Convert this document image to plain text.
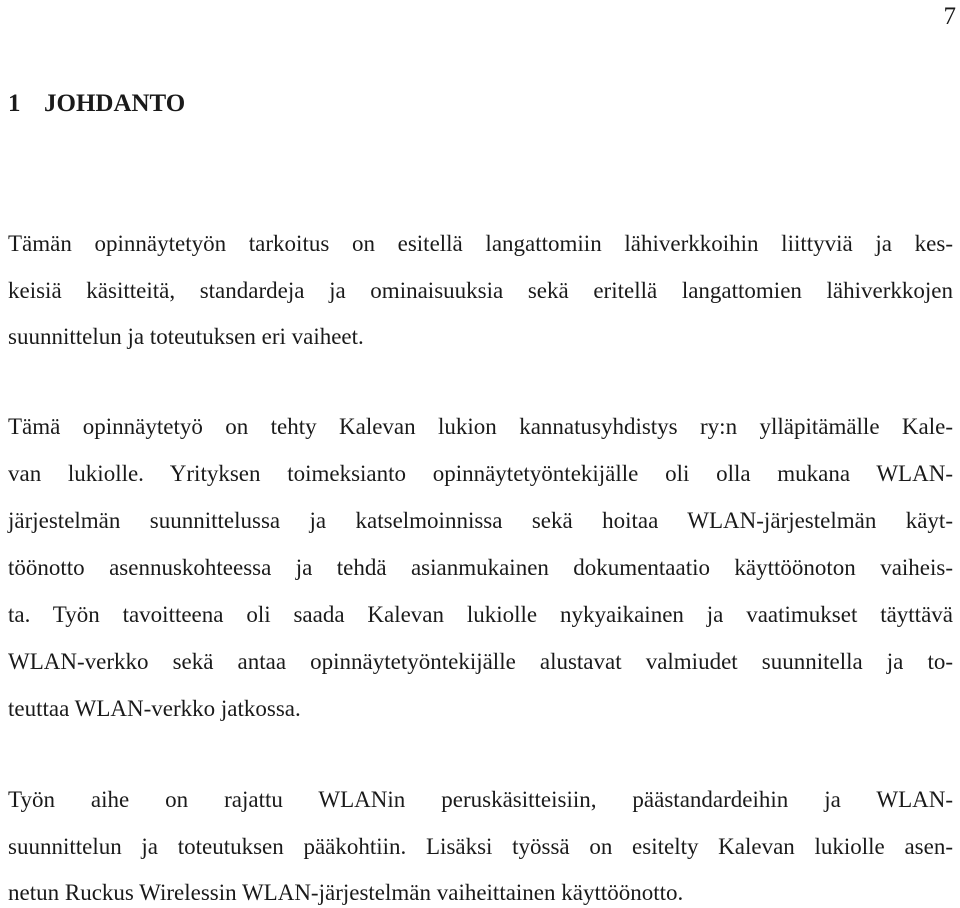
7
1 JOHDANTO
Tämän opinnäytetyön tarkoitus on esitellä langattomiin lähiverkkoihin liittyviä ja kes-
keisiä käsitteitä, standardeja ja ominaisuuksia sekä eritellä langattomien lähiverkkojen
suunnittelun ja toteutuksen eri vaiheet.
Tämä opinnäytetyö on tehty Kalevan lukion kannatusyhdistys ry:n ylläpitämälle Kale-
van lukiolle. Yrityksen toimeksianto opinnäytetyöntekijälle oli olla mukana WLAN-
järjestelmän suunnittelussa ja katselmoinnissa sekä hoitaa WLAN-järjestelmän käyt-
töönotto asennuskohteessa ja tehdä asianmukainen dokumentaatio käyttöönoton vaiheis-
ta. Työn tavoitteena oli saada Kalevan lukiolle nykyaikainen ja vaatimukset täyttävä
WLAN-verkko sekä antaa opinnäytetyöntekijälle alustavat valmiudet suunnitella ja to-
teuttaa WLAN-verkko jatkossa.
Työn aihe on rajattu WLANin peruskäsitteisiin, päästandardeihin ja WLAN-
suunnittelun ja toteutuksen pääkohtiin. Lisäksi työssä on esitelty Kalevan lukiolle asen-
netun Ruckus Wirelessin WLAN-järjestelmän vaiheittainen käyttöönotto.
